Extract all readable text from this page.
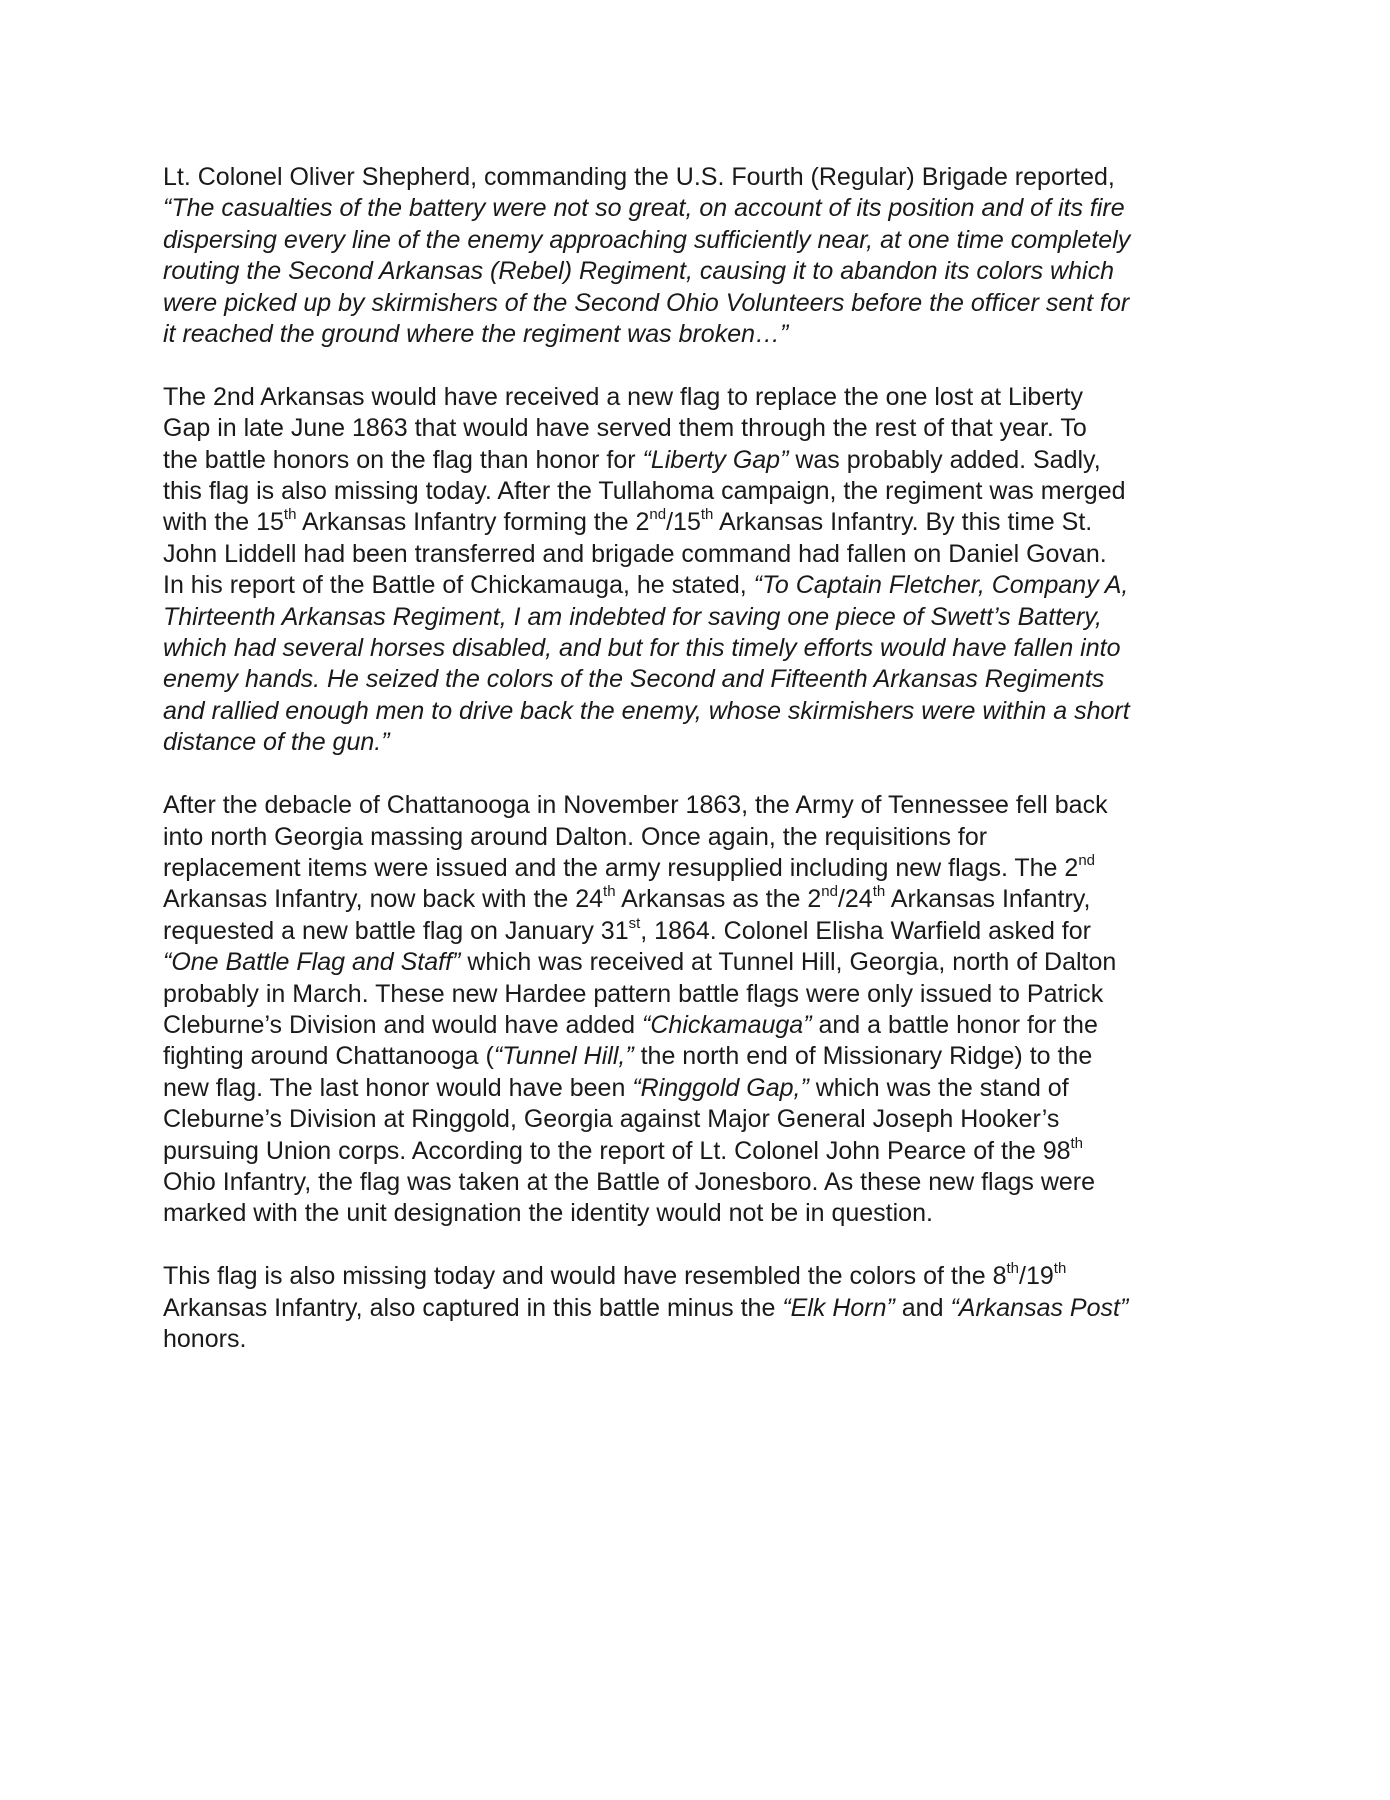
Lt. Colonel Oliver Shepherd, commanding the U.S. Fourth (Regular) Brigade reported,
“The casualties of the battery were not so great, on account of its position and of its fire
dispersing every line of the enemy approaching sufficiently near, at one time completely
routing the Second Arkansas (Rebel) Regiment, causing it to abandon its colors which
were picked up by skirmishers of the Second Ohio Volunteers before the officer sent for
it reached the ground where the regiment was broken…”

The 2nd Arkansas would have received a new flag to replace the one lost at Liberty
Gap in late June 1863 that would have served them through the rest of that year. To
the battle honors on the flag than honor for “Liberty Gap” was probably added. Sadly,
this flag is also missing today. After the Tullahoma campaign, the regiment was merged
with the 15th Arkansas Infantry forming the 2nd/15th Arkansas Infantry. By this time St.
John Liddell had been transferred and brigade command had fallen on Daniel Govan.
In his report of the Battle of Chickamauga, he stated, “To Captain Fletcher, Company A,
Thirteenth Arkansas Regiment, I am indebted for saving one piece of Swett’s Battery,
which had several horses disabled, and but for this timely efforts would have fallen into
enemy hands. He seized the colors of the Second and Fifteenth Arkansas Regiments
and rallied enough men to drive back the enemy, whose skirmishers were within a short
distance of the gun.”

After the debacle of Chattanooga in November 1863, the Army of Tennessee fell back
into north Georgia massing around Dalton. Once again, the requisitions for
replacement items were issued and the army resupplied including new flags. The 2nd
Arkansas Infantry, now back with the 24th Arkansas as the 2nd/24th Arkansas Infantry,
requested a new battle flag on January 31st, 1864. Colonel Elisha Warfield asked for
“One Battle Flag and Staff” which was received at Tunnel Hill, Georgia, north of Dalton
probably in March. These new Hardee pattern battle flags were only issued to Patrick
Cleburne’s Division and would have added “Chickamauga” and a battle honor for the
fighting around Chattanooga (“Tunnel Hill,” the north end of Missionary Ridge) to the
new flag. The last honor would have been “Ringgold Gap,” which was the stand of
Cleburne’s Division at Ringgold, Georgia against Major General Joseph Hooker’s
pursuing Union corps. According to the report of Lt. Colonel John Pearce of the 98th
Ohio Infantry, the flag was taken at the Battle of Jonesboro. As these new flags were
marked with the unit designation the identity would not be in question.

This flag is also missing today and would have resembled the colors of the 8th/19th
Arkansas Infantry, also captured in this battle minus the “Elk Horn” and “Arkansas Post”
honors.
